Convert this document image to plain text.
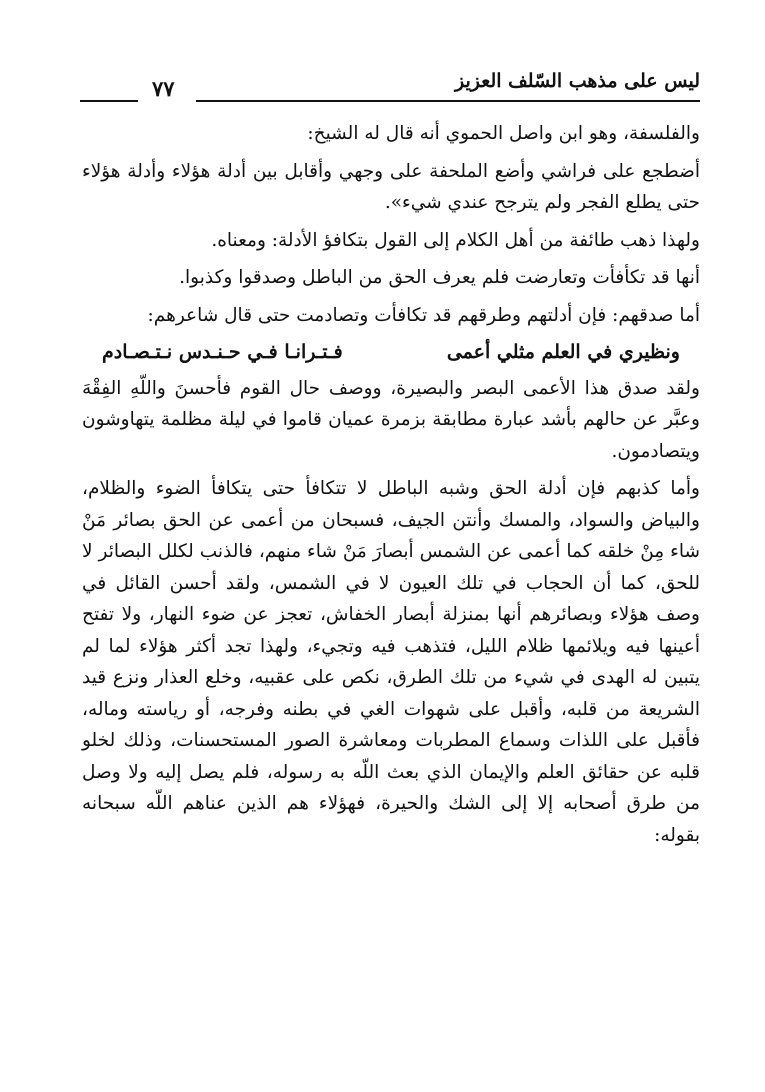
ليس على مذهب السّلف العزيز
٧٧

والفلسفة، وهو ابن واصل الحموي أنه قال له الشيخ:

أضطجع على فراشي وأضع الملحفة على وجهي وأقابل بين أدلة هؤلاء وأدلة هؤلاء حتى يطلع الفجر ولم يترجح عندي شيء».

ولهذا ذهب طائفة من أهل الكلام إلى القول بتكافؤ الأدلة: ومعناه.

أنها قد تكأفأت وتعارضت فلم يعرف الحق من الباطل وصدقوا وكذبوا.

أما صدقهم: فإن أدلتهم وطرقهم قد تكافأت وتصادمت حتى قال شاعرهم:

ونظيري في العلم مثلي أعمى
فـتـرانـا فـي حـنـدس نـتـصـادم

ولقد صدق هذا الأعمى البصر والبصيرة، ووصف حال القوم فأحسنَ واللّهِ الفِقْهَ وعبَّر عن حالهم بأشد عبارة مطابقة بزمرة عميان قاموا في ليلة مظلمة يتهاوشون ويتصادمون.

وأما كذبهم فإن أدلة الحق وشبه الباطل لا تتكافأ حتى يتكافأ الضوء والظلام، والبياض والسواد، والمسك وأنتن الجيف، فسبحان من أعمى عن الحق بصائر مَنْ شاء مِنْ خلقه كما أعمى عن الشمس أبصارَ مَنْ شاء منهم، فالذنب لكلل البصائر لا للحق، كما أن الحجاب في تلك العيون لا في الشمس، ولقد أحسن القائل في وصف هؤلاء وبصائرهم أنها بمنزلة أبصار الخفاش، تعجز عن ضوء النهار، ولا تفتح أعينها فيه ويلائمها ظلام الليل، فتذهب فيه وتجيء، ولهذا تجد أكثر هؤلاء لما لم يتبين له الهدى في شيء من تلك الطرق، نكص على عقبيه، وخلع العذار ونزع قيد الشريعة من قلبه، وأقبل على شهوات الغي في بطنه وفرجه، أو رياسته وماله، فأقبل على اللذات وسماع المطربات ومعاشرة الصور المستحسنات، وذلك لخلو قلبه عن حقائق العلم والإيمان الذي بعث اللّه به رسوله، فلم يصل إليه ولا وصل من طرق أصحابه إلا إلى الشك والحيرة، فهؤلاء هم الذين عناهم اللّه سبحانه بقوله:
